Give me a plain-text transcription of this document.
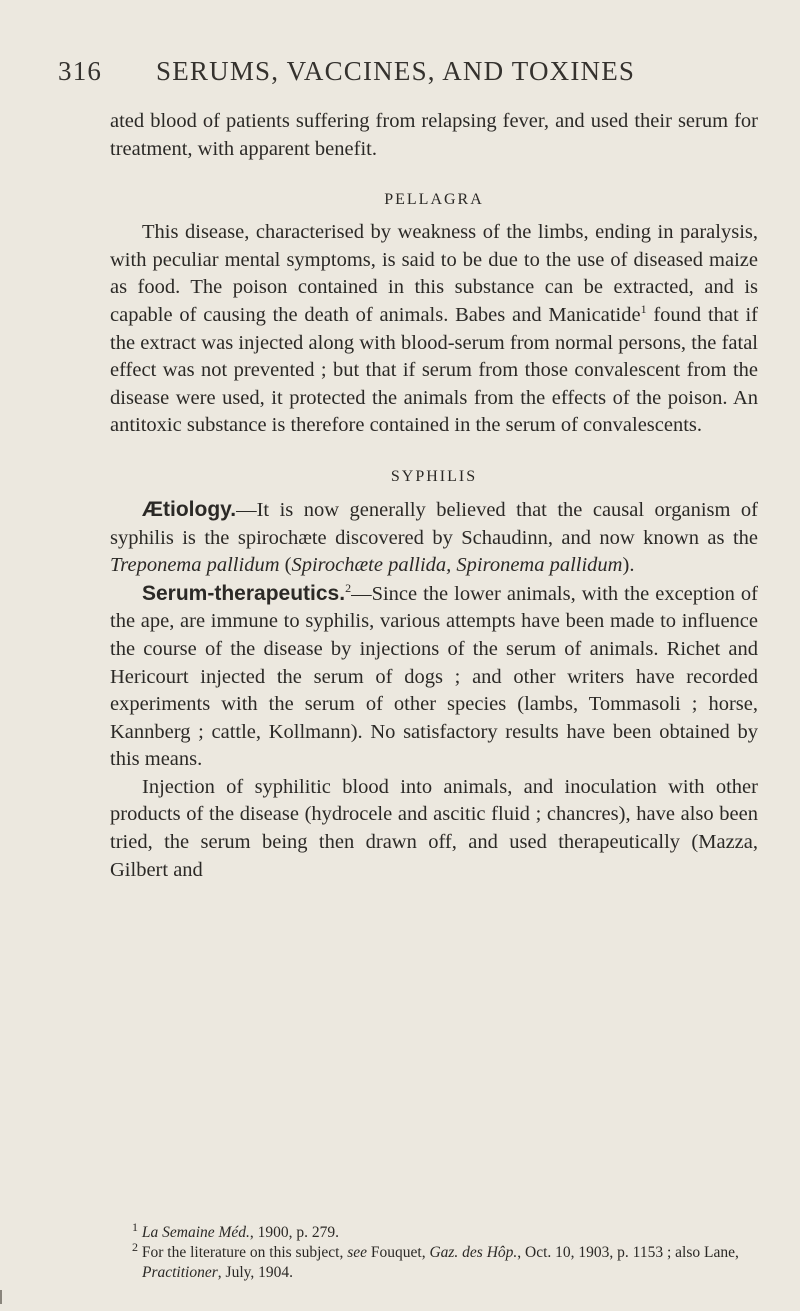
316 SERUMS, VACCINES, AND TOXINES

ated blood of patients suffering from relapsing fever, and used their serum for treatment, with apparent benefit.

PELLAGRA

This disease, characterised by weakness of the limbs, ending in paralysis, with peculiar mental symptoms, is said to be due to the use of diseased maize as food. The poison contained in this substance can be extracted, and is capable of causing the death of animals. Babes and Manicatide$^1$ found that if the extract was injected along with blood-serum from normal persons, the fatal effect was not prevented ; but that if serum from those convalescent from the disease were used, it protected the animals from the effects of the poison. An antitoxic substance is therefore contained in the serum of convalescents.

SYPHILIS

Ætiology.—It is now generally believed that the causal organism of syphilis is the spirochæte discovered by Schaudinn, and now known as the Treponema pallidum (Spirochæte pallida, Spironema pallidum).

Serum-therapeutics.$^2$—Since the lower animals, with the exception of the ape, are immune to syphilis, various attempts have been made to influence the course of the disease by injections of the serum of animals. Richet and Hericourt injected the serum of dogs ; and other writers have recorded experiments with the serum of other species (lambs, Tommasoli ; horse, Kannberg ; cattle, Kollmann). No satisfactory results have been obtained by this means.

Injection of syphilitic blood into animals, and inoculation with other products of the disease (hydrocele and ascitic fluid ; chancres), have also been tried, the serum being then drawn off, and used therapeutically (Mazza, Gilbert and

$^1$ La Semaine Méd., 1900, p. 279.

$^2$ For the literature on this subject, see Fouquet, Gaz. des Hôp., Oct. 10, 1903, p. 1153 ; also Lane, Practitioner, July, 1904.
